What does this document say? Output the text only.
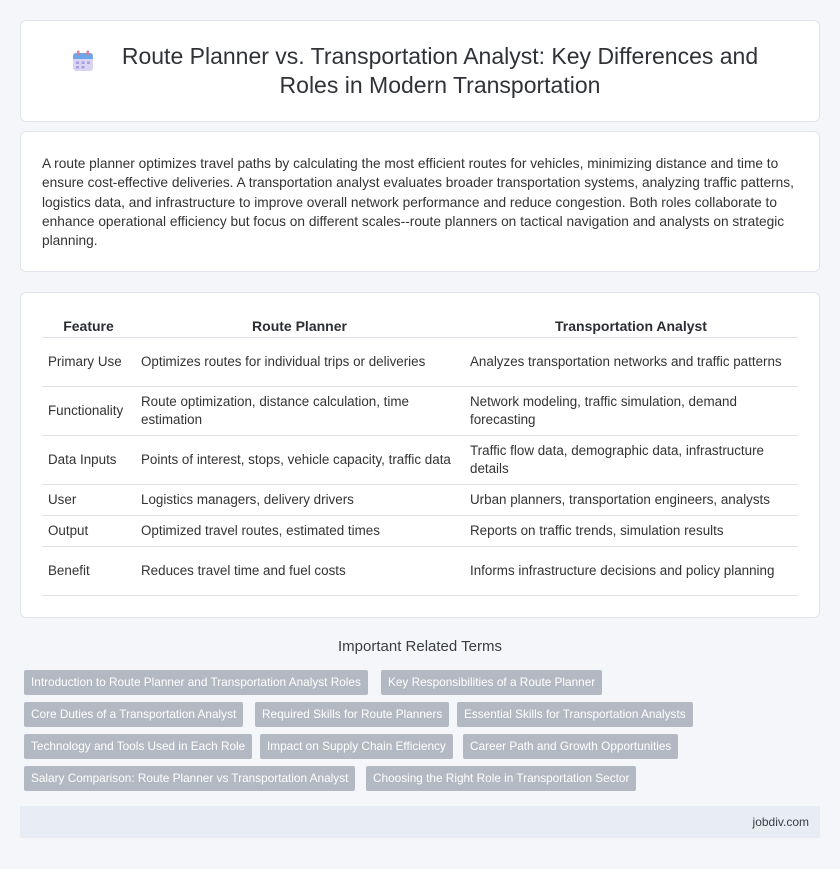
Route Planner vs. Transportation Analyst: Key Differences and Roles in Modern Transportation

A route planner optimizes travel paths by calculating the most efficient routes for vehicles, minimizing distance and time to ensure cost-effective deliveries. A transportation analyst evaluates broader transportation systems, analyzing traffic patterns, logistics data, and infrastructure to improve overall network performance and reduce congestion. Both roles collaborate to enhance operational efficiency but focus on different scales--route planners on tactical navigation and analysts on strategic planning.

Feature	Route Planner	Transportation Analyst
Primary Use	Optimizes routes for individual trips or deliveries	Analyzes transportation networks and traffic patterns
Functionality	Route optimization, distance calculation, time estimation	Network modeling, traffic simulation, demand forecasting
Data Inputs	Points of interest, stops, vehicle capacity, traffic data	Traffic flow data, demographic data, infrastructure details
User	Logistics managers, delivery drivers	Urban planners, transportation engineers, analysts
Output	Optimized travel routes, estimated times	Reports on traffic trends, simulation results
Benefit	Reduces travel time and fuel costs	Informs infrastructure decisions and policy planning
Important Related Terms
Introduction to Route Planner and Transportation Analyst Roles	Key Responsibilities of a Route Planner
Core Duties of a Transportation Analyst	Required Skills for Route Planners	Essential Skills for Transportation Analysts
Technology and Tools Used in Each Role	Impact on Supply Chain Efficiency	Career Path and Growth Opportunities
Salary Comparison: Route Planner vs Transportation Analyst	Choosing the Right Role in Transportation Sector
jobdiv.com
